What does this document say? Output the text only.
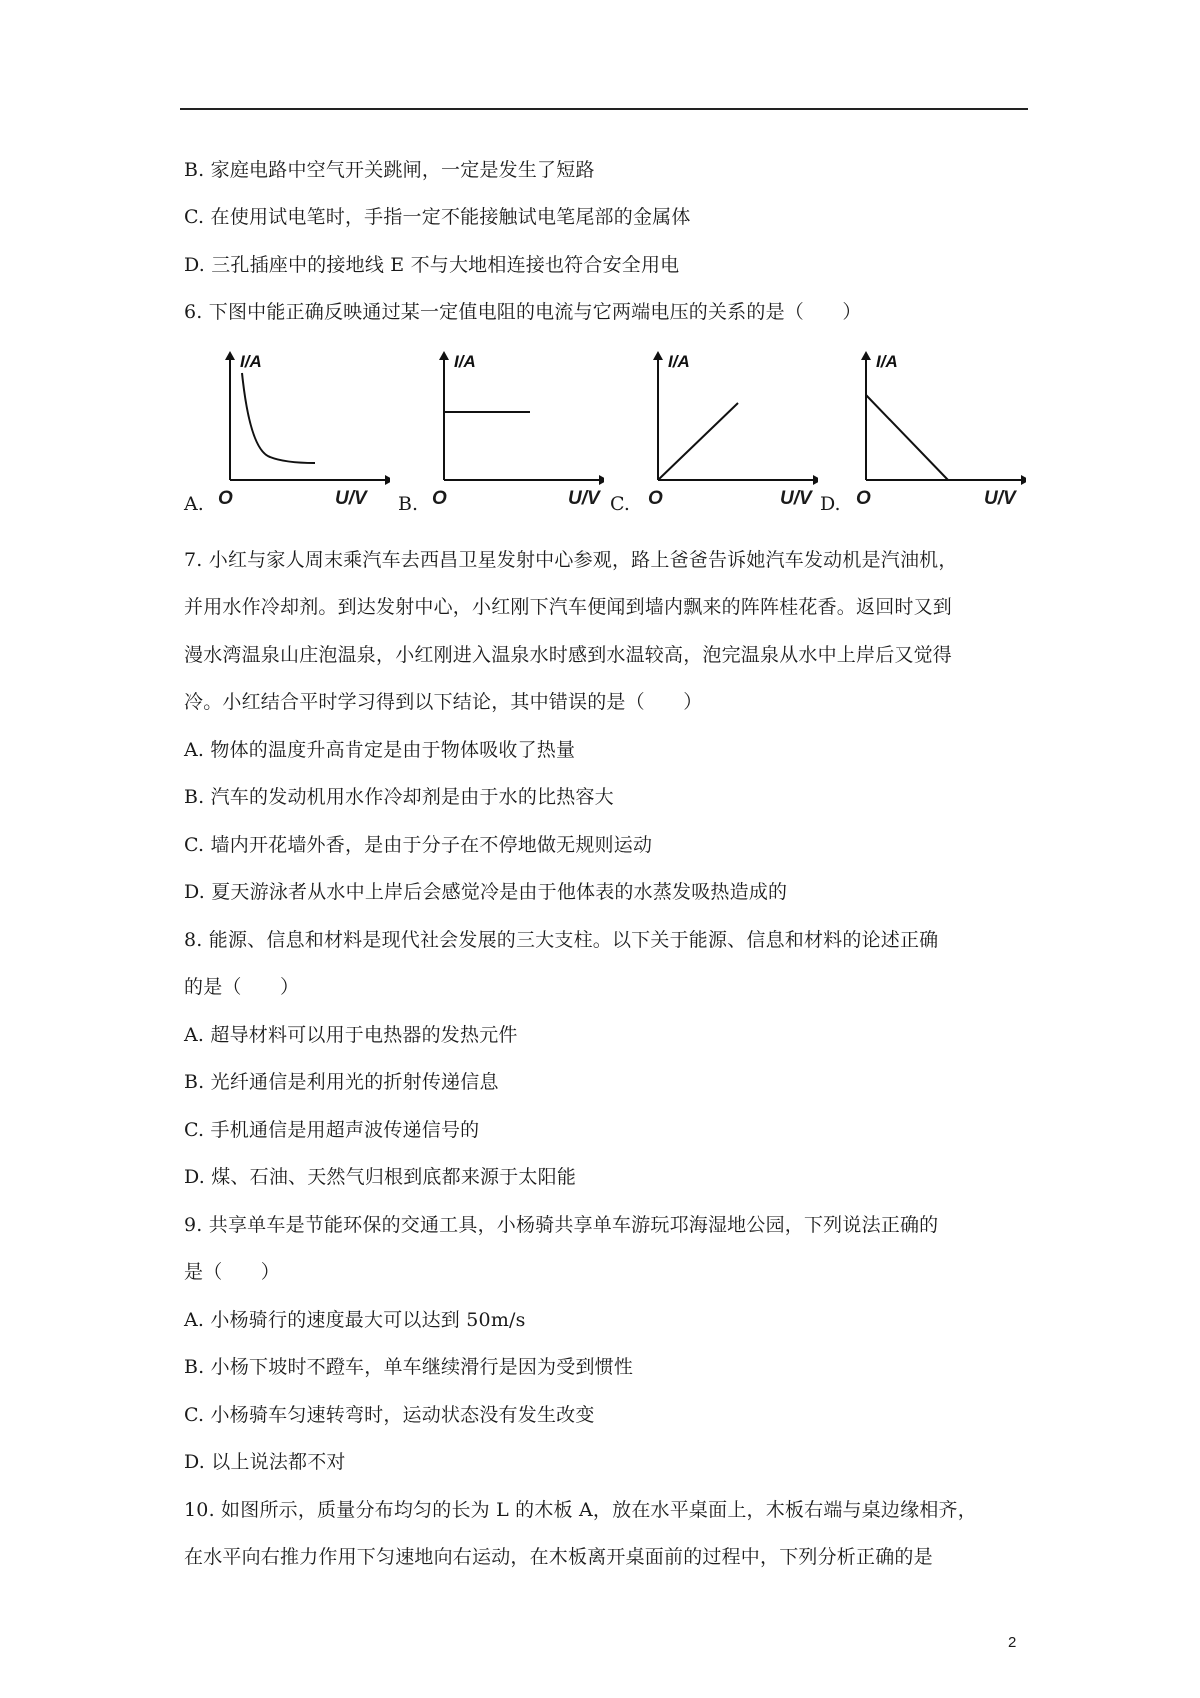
B. 家庭电路中空气开关跳闸，一定是发生了短路
C. 在使用试电笔时，手指一定不能接触试电笔尾部的金属体
D. 三孔插座中的接地线 E 不与大地相连接也符合安全用电
6. 下图中能正确反映通过某一定值电阻的电流与它两端电压的关系的是（　　）
I/A
A. O	U/V
I/A
B. O	U/V
I/A
C. O	U/V
I/A
D. O	U/V
7. 小红与家人周末乘汽车去西昌卫星发射中心参观，路上爸爸告诉她汽车发动机是汽油机，
并用水作冷却剂。到达发射中心，小红刚下汽车便闻到墙内飘来的阵阵桂花香。返回时又到
漫水湾温泉山庄泡温泉，小红刚进入温泉水时感到水温较高，泡完温泉从水中上岸后又觉得
冷。小红结合平时学习得到以下结论，其中错误的是（　　）
A. 物体的温度升高肯定是由于物体吸收了热量
B. 汽车的发动机用水作冷却剂是由于水的比热容大
C. 墙内开花墙外香，是由于分子在不停地做无规则运动
D. 夏天游泳者从水中上岸后会感觉冷是由于他体表的水蒸发吸热造成的
8. 能源、信息和材料是现代社会发展的三大支柱。以下关于能源、信息和材料的论述正确
的是（　　）
A. 超导材料可以用于电热器的发热元件
B. 光纤通信是利用光的折射传递信息
C. 手机通信是用超声波传递信号的
D. 煤、石油、天然气归根到底都来源于太阳能
9. 共享单车是节能环保的交通工具，小杨骑共享单车游玩邛海湿地公园，下列说法正确的
是（　　）
A. 小杨骑行的速度最大可以达到 50m/s
B. 小杨下坡时不蹬车，单车继续滑行是因为受到惯性
C. 小杨骑车匀速转弯时，运动状态没有发生改变
D. 以上说法都不对
10. 如图所示，质量分布均匀的长为 L 的木板 A，放在水平桌面上，木板右端与桌边缘相齐，
在水平向右推力作用下匀速地向右运动，在木板离开桌面前的过程中，下列分析正确的是
2
